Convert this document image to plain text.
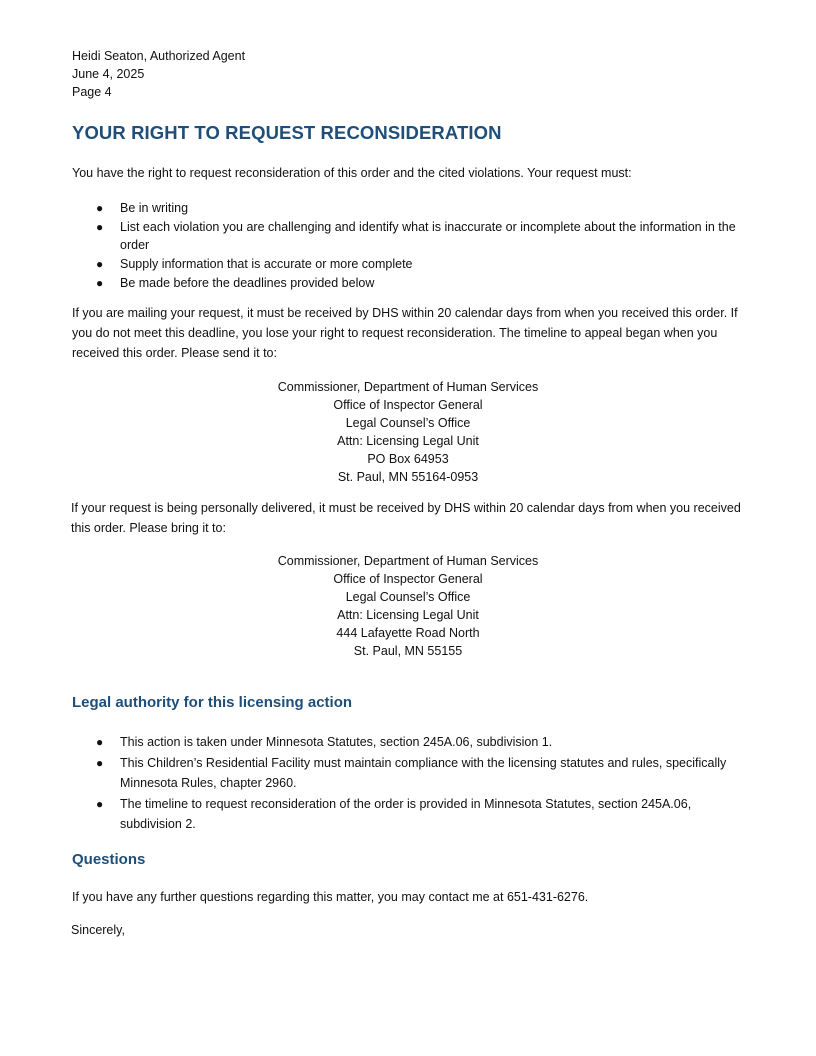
Heidi Seaton, Authorized Agent
June 4, 2025
Page 4
YOUR RIGHT TO REQUEST RECONSIDERATION

You have the right to request reconsideration of this order and the cited violations. Your request must:

● Be in writing
● List each violation you are challenging and identify what is inaccurate or incomplete about the information in the order
● Supply information that is accurate or more complete
● Be made before the deadlines provided below

If you are mailing your request, it must be received by DHS within 20 calendar days from when you received this order. If you do not meet this deadline, you lose your right to request reconsideration. The timeline to appeal began when you received this order. Please send it to:

Commissioner, Department of Human Services
Office of Inspector General
Legal Counsel’s Office
Attn: Licensing Legal Unit
PO Box 64953
St. Paul, MN 55164-0953

If your request is being personally delivered, it must be received by DHS within 20 calendar days from when you received this order. Please bring it to:

Commissioner, Department of Human Services
Office of Inspector General
Legal Counsel’s Office
Attn: Licensing Legal Unit
444 Lafayette Road North
St. Paul, MN 55155
Legal authority for this licensing action
● This action is taken under Minnesota Statutes, section 245A.06, subdivision 1.
● This Children’s Residential Facility must maintain compliance with the licensing statutes and rules, specifically Minnesota Rules, chapter 2960.
● The timeline to request reconsideration of the order is provided in Minnesota Statutes, section 245A.06, subdivision 2.
Questions

If you have any further questions regarding this matter, you may contact me at 651-431-6276.

Sincerely,
